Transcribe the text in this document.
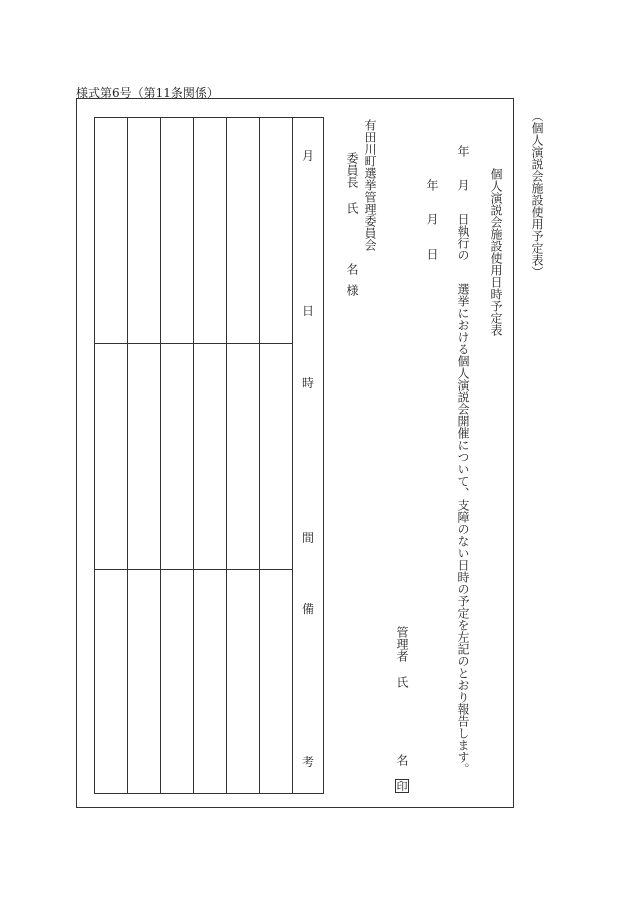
様式第6号（第11条関係）
（個人演説会施設使用予定表）
個人演説会施設使用日時予定表
年
月
日執行の
選挙における個人演説会開催について、支障のない日時の予定を左記のとおり報告します。
年
月
日
管理者
氏
名
印
有田川町選挙管理委員会
委員長
氏
名
様
月
日
時
間
備
考
